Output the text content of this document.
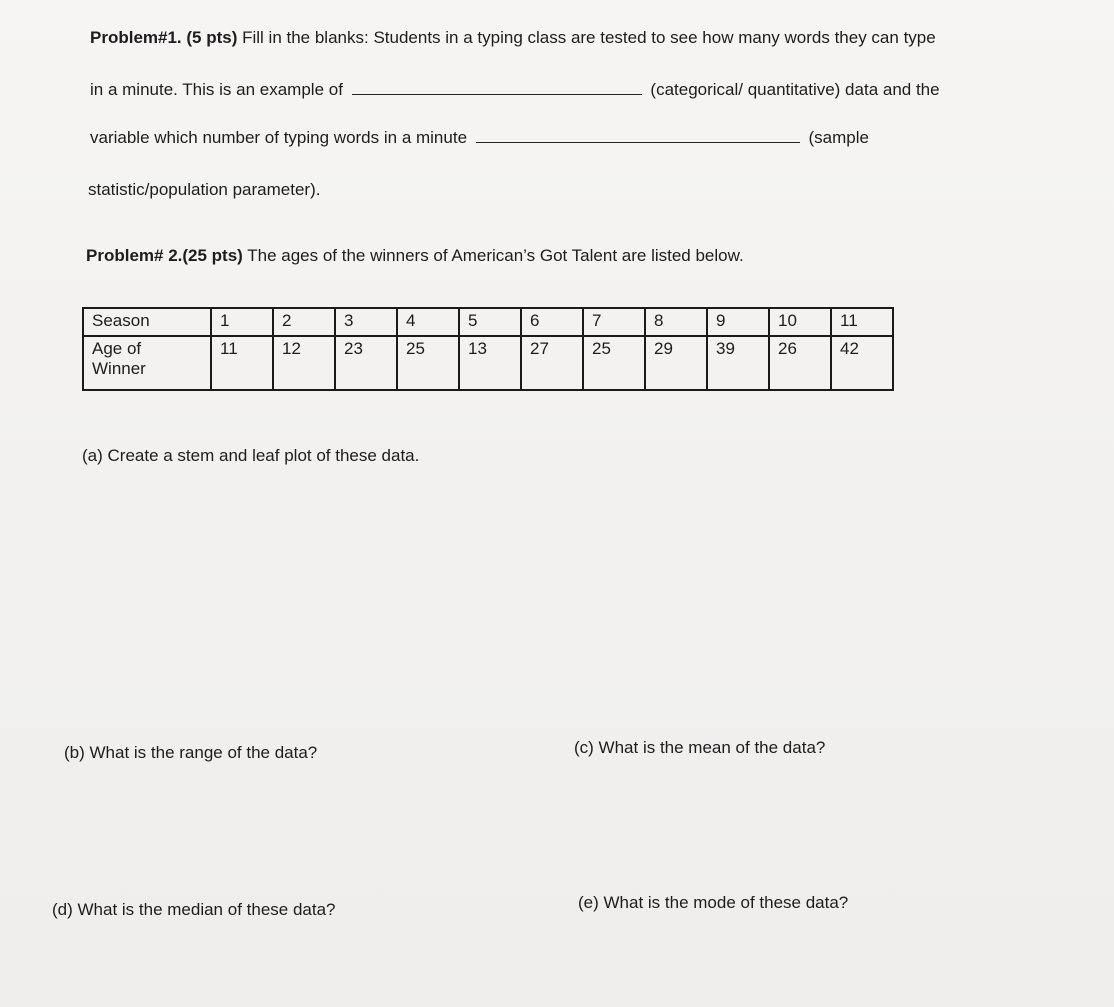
Problem#1. (5 pts) Fill in the blanks: Students in a typing class are tested to see how many words they can type
in a minute. This is an example of	(categorical/ quantitative) data and the
variable which number of typing words in a minute	(sample
statistic/population parameter).
Problem# 2.(25 pts) The ages of the winners of American’s Got Talent are listed below.
Season	1	2	3	4	5	6	7	8	9	10	11

Age of
Winner	11	12	23	25	13	27	25	29	39	26	42
(a) Create a stem and leaf plot of these data.
(b) What is the range of the data?	(c) What is the mean of the data?
(d) What is the median of these data?	(e) What is the mode of these data?
